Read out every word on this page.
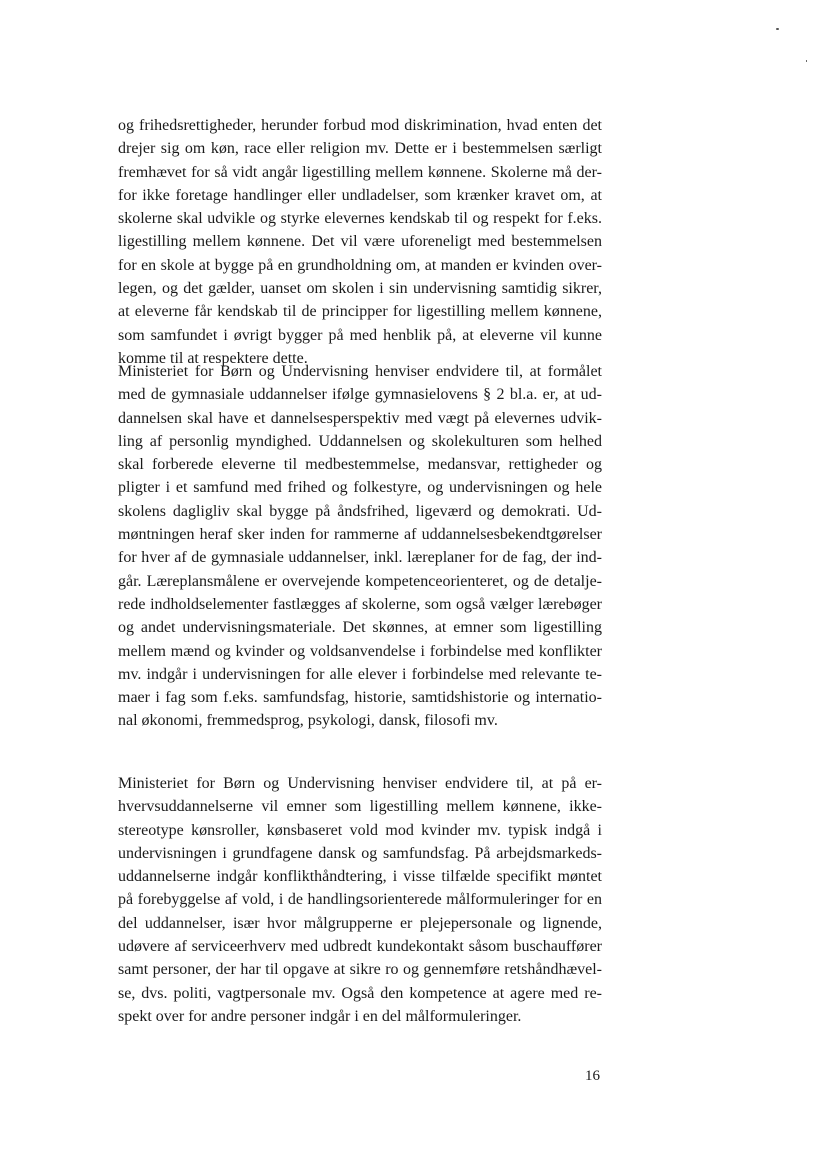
og frihedsrettigheder, herunder forbud mod diskrimination, hvad enten det
drejer sig om køn, race eller religion mv. Dette er i bestemmelsen særligt
fremhævet for så vidt angår ligestilling mellem kønnene. Skolerne må der-
for ikke foretage handlinger eller undladelser, som krænker kravet om, at
skolerne skal udvikle og styrke elevernes kendskab til og respekt for f.eks.
ligestilling mellem kønnene. Det vil være uforeneligt med bestemmelsen
for en skole at bygge på en grundholdning om, at manden er kvinden over-
legen, og det gælder, uanset om skolen i sin undervisning samtidig sikrer,
at eleverne får kendskab til de principper for ligestilling mellem kønnene,
som samfundet i øvrigt bygger på med henblik på, at eleverne vil kunne
komme til at respektere dette.
Ministeriet for Børn og Undervisning henviser endvidere til, at formålet
med de gymnasiale uddannelser ifølge gymnasielovens § 2 bl.a. er, at ud-
dannelsen skal have et dannelsesperspektiv med vægt på elevernes udvik-
ling af personlig myndighed. Uddannelsen og skolekulturen som helhed
skal forberede eleverne til medbestemmelse, medansvar, rettigheder og
pligter i et samfund med frihed og folkestyre, og undervisningen og hele
skolens dagligliv skal bygge på åndsfrihed, ligeværd og demokrati. Ud-
møntningen heraf sker inden for rammerne af uddannelsesbekendtgørelser
for hver af de gymnasiale uddannelser, inkl. læreplaner for de fag, der ind-
går. Læreplansmålene er overvejende kompetenceorienteret, og de detalje-
rede indholdselementer fastlægges af skolerne, som også vælger lærebøger
og andet undervisningsmateriale. Det skønnes, at emner som ligestilling
mellem mænd og kvinder og voldsanvendelse i forbindelse med konflikter
mv. indgår i undervisningen for alle elever i forbindelse med relevante te-
maer i fag som f.eks. samfundsfag, historie, samtidshistorie og internatio-
nal økonomi, fremmedsprog, psykologi, dansk, filosofi mv.
Ministeriet for Børn og Undervisning henviser endvidere til, at på er-
hvervsuddannelserne vil emner som ligestilling mellem kønnene, ikke-
stereotype kønsroller, kønsbaseret vold mod kvinder mv. typisk indgå i
undervisningen i grundfagene dansk og samfundsfag. På arbejdsmarkeds-
uddannelserne indgår konflikthåndtering, i visse tilfælde specifikt møntet
på forebyggelse af vold, i de handlingsorienterede målformuleringer for en
del uddannelser, især hvor målgrupperne er plejepersonale og lignende,
udøvere af serviceerhverv med udbredt kundekontakt såsom buschauffører
samt personer, der har til opgave at sikre ro og gennemføre retshåndhævel-
se, dvs. politi, vagtpersonale mv. Også den kompetence at agere med re-
spekt over for andre personer indgår i en del målformuleringer.
16
